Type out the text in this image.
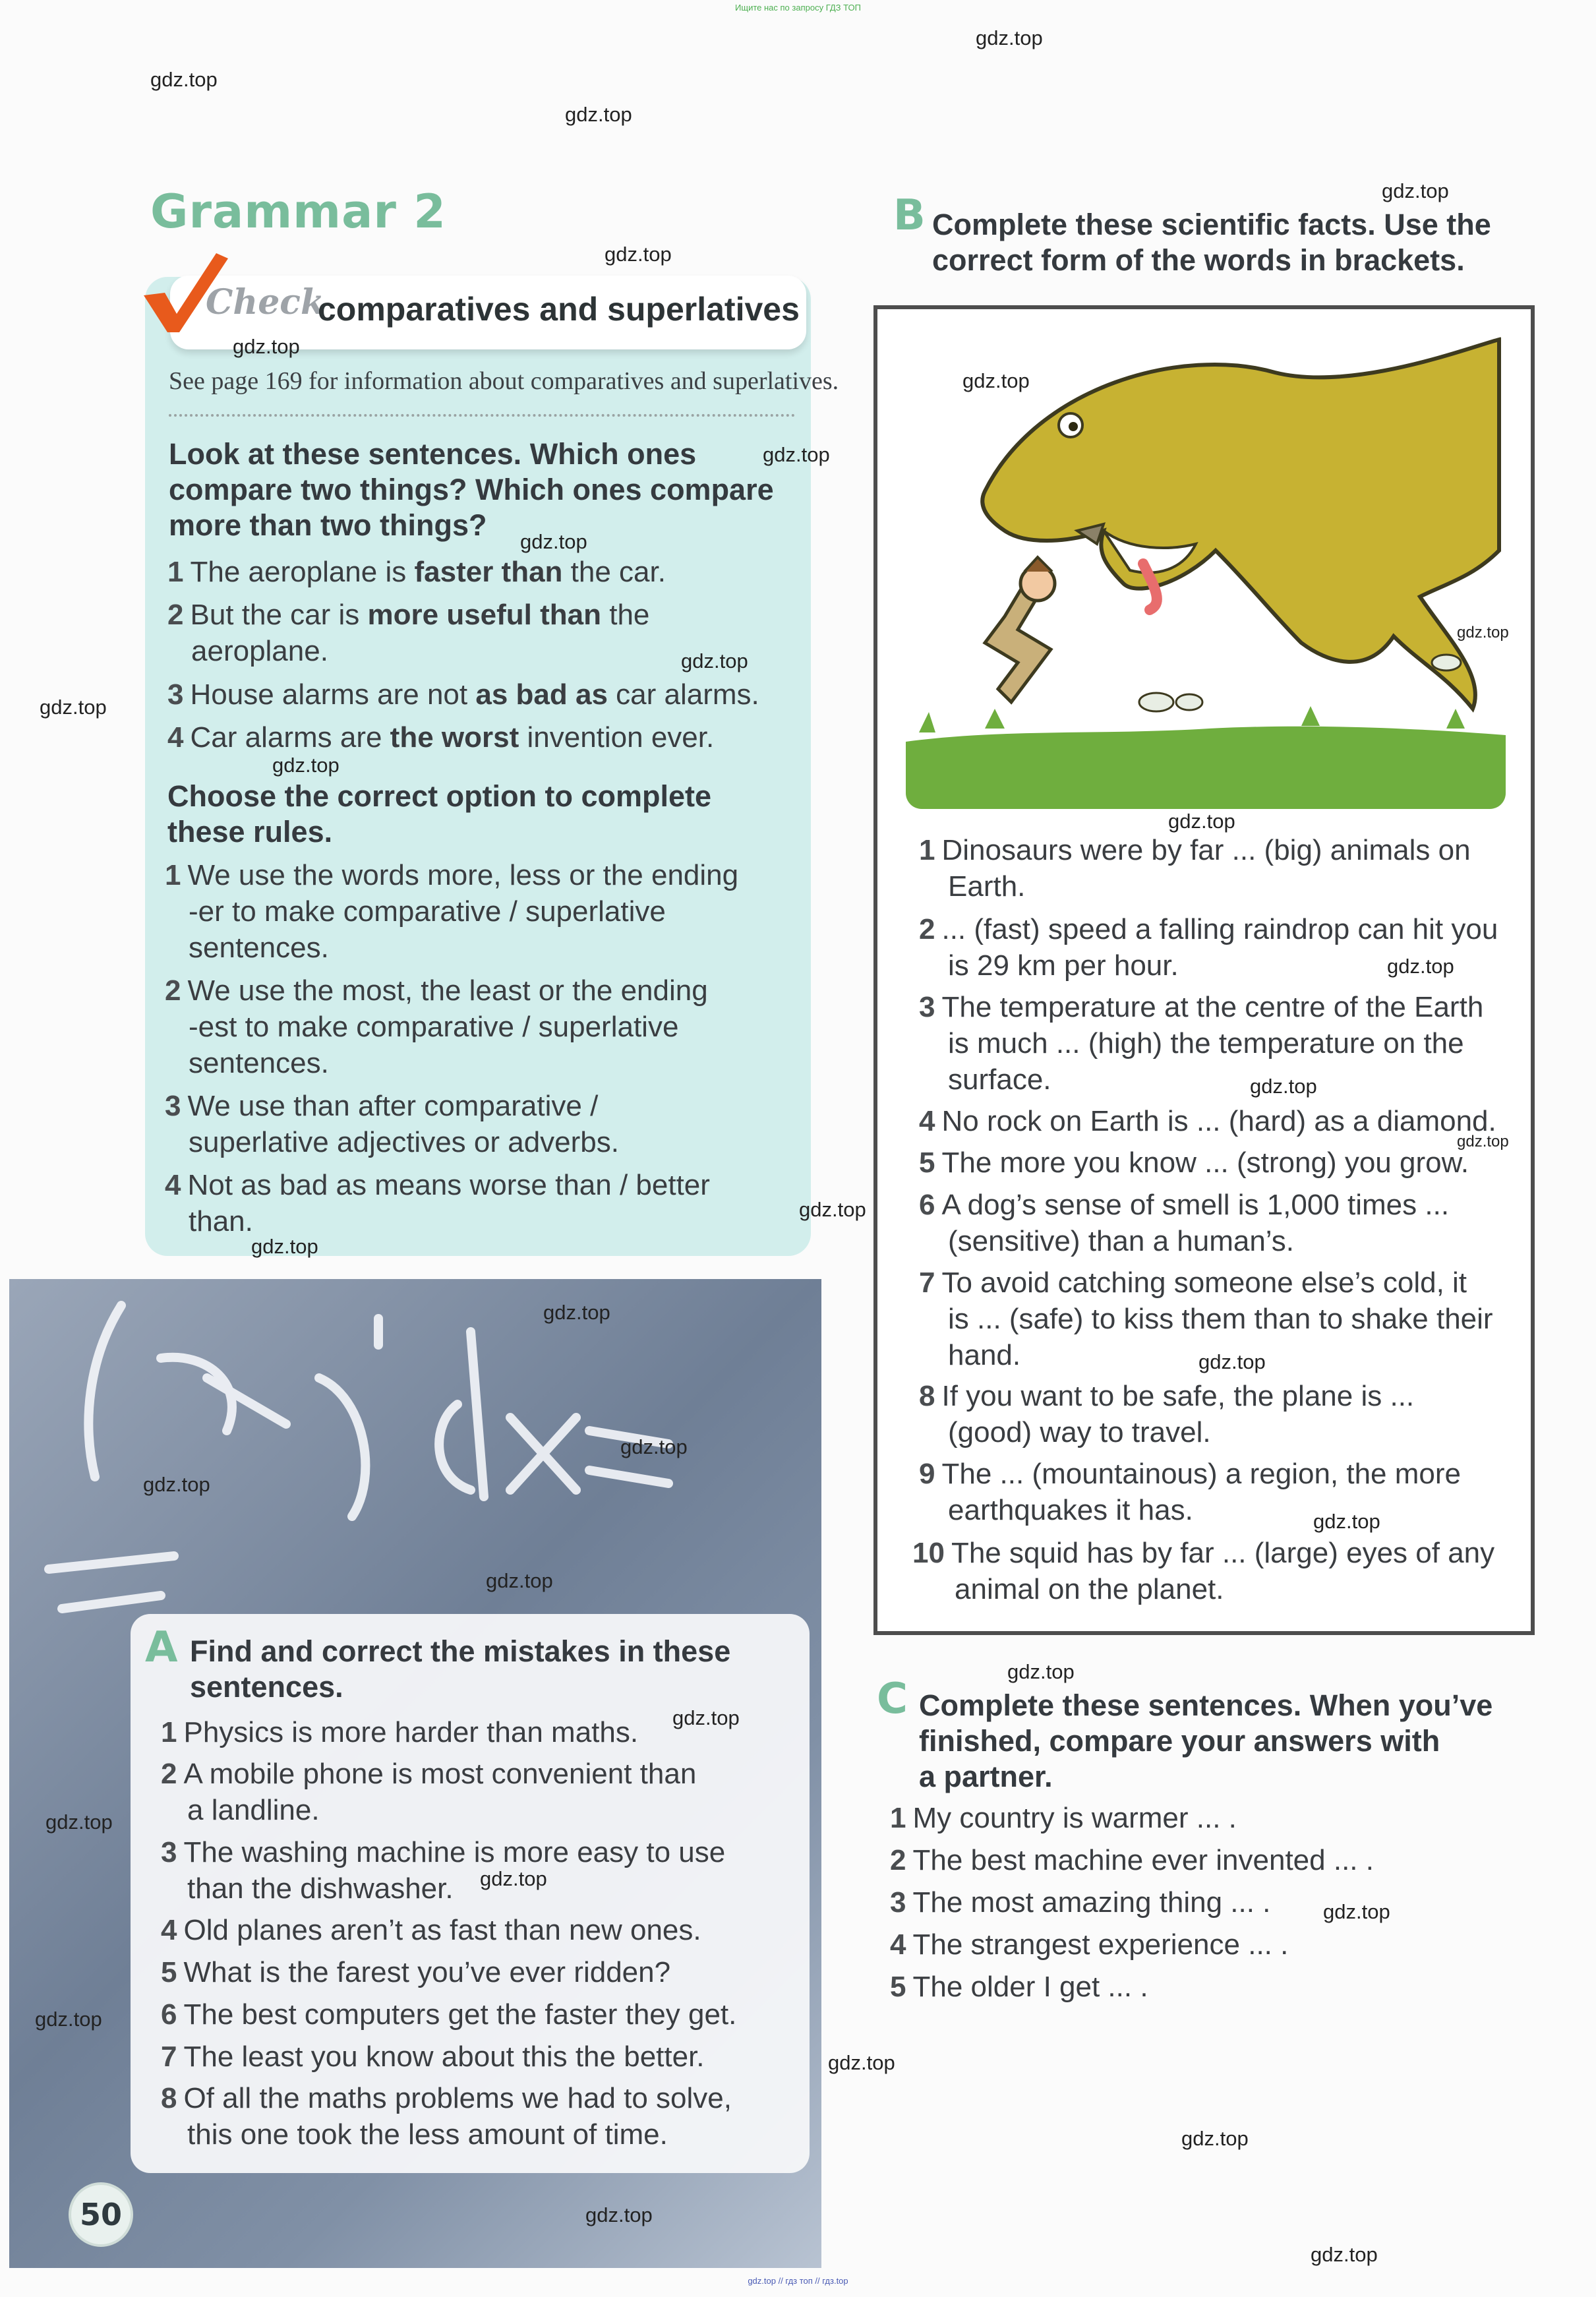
Ищите нас по запросу ГДЗ ТОП
Grammar 2
Check
comparatives and superlatives
See page 169 for information about comparatives and superlatives.
Look at these sentences. Which ones
compare two things? Which ones compare
more than two things?
1 The aeroplane is faster than the car.
2 But the car is more useful than the
aeroplane.
3 House alarms are not as bad as car alarms.
4 Car alarms are the worst invention ever.
Choose the correct option to complete
these rules.
1 We use the words more, less or the ending
-er to make comparative / superlative
sentences.
2 We use the most, the least or the ending
-est to make comparative / superlative
sentences.
3 We use than after comparative /
superlative adjectives or adverbs.
4 Not as bad as means worse than / better
than.
A Find and correct the mistakes in these
sentences.
1 Physics is more harder than maths.
2 A mobile phone is most convenient than
a landline.
3 The washing machine is more easy to use
than the dishwasher.
4 Old planes aren’t as fast than new ones.
5 What is the farest you’ve ever ridden?
6 The best computers get the faster they get.
7 The least you know about this the better.
8 Of all the maths problems we had to solve,
this one took the less amount of time.
50
B Complete these scientific facts. Use the
correct form of the words in brackets.
1 Dinosaurs were by far ... (big) animals on
Earth.
2 ... (fast) speed a falling raindrop can hit you
is 29 km per hour.
3 The temperature at the centre of the Earth
is much ... (high) the temperature on the
surface.
4 No rock on Earth is ... (hard) as a diamond.
5 The more you know ... (strong) you grow.
6 A dog’s sense of smell is 1,000 times ...
(sensitive) than a human’s.
7 To avoid catching someone else’s cold, it
is ... (safe) to kiss them than to shake their
hand.
8 If you want to be safe, the plane is ...
(good) way to travel.
9 The ... (mountainous) a region, the more
earthquakes it has.
10 The squid has by far ... (large) eyes of any
animal on the planet.
C Complete these sentences. When you’ve
finished, compare your answers with
a partner.
1 My country is warmer ... .
2 The best machine ever invented ... .
3 The most amazing thing ... .
4 The strangest experience ... .
5 The older I get ... .
gdz.top
gdz.top
gdz.top
gdz.top
gdz.top
gdz.top
gdz.top
gdz.top
gdz.top
gdz.top
gdz.top
gdz.top
gdz.top
gdz.top
gdz.top
gdz.top
gdz.top
gdz.top
gdz.top
gdz.top
gdz.top
gdz.top
gdz.top
gdz.top
gdz.top
gdz.top
gdz.top
gdz.top
gdz.top
gdz.top
gdz.top
gdz.top
gdz.top
gdz.top
gdz.top
gdz.top // гдз топ // гдз.top
